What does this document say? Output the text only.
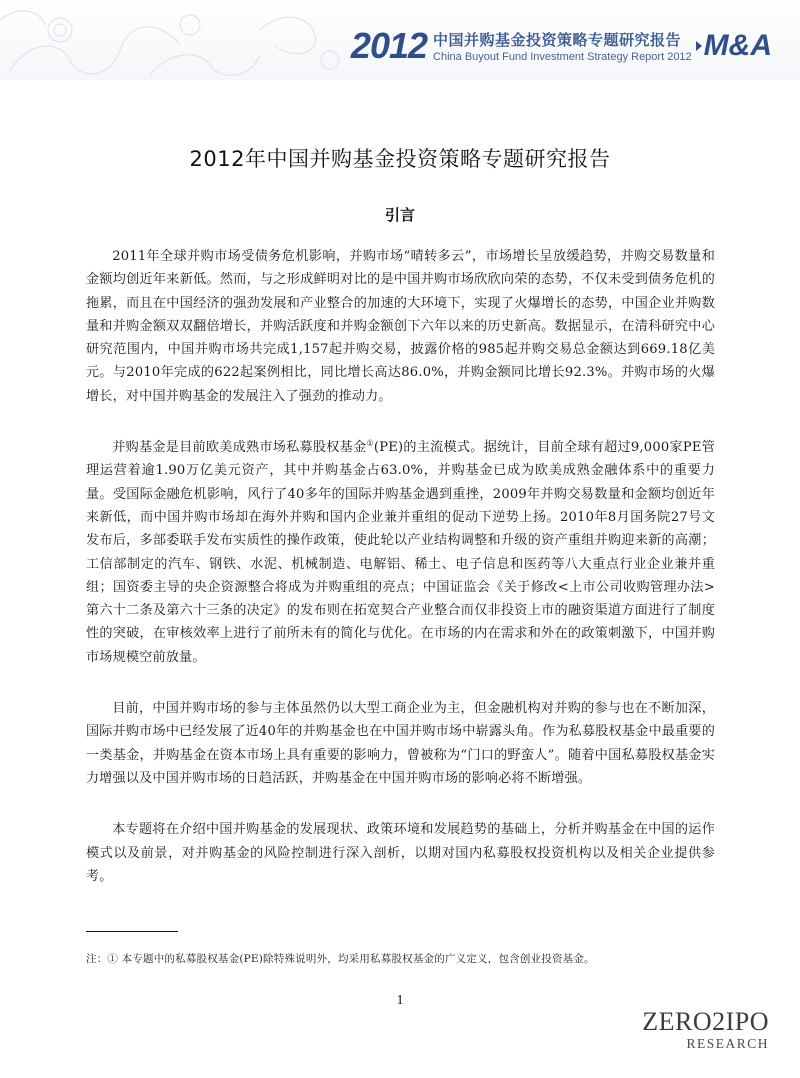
2012 中国并购基金投资策略专题研究报告
China Buyout Fund Investment Strategy Report 2012 M&A
2012年中国并购基金投资策略专题研究报告
引言

2011年全球并购市场受债务危机影响，并购市场“晴转多云”，市场增长呈放缓趋势，并购交易数量和金额均创近年来新低。然而，与之形成鲜明对比的是中国并购市场欣欣向荣的态势，不仅未受到债务危机的拖累，而且在中国经济的强劲发展和产业整合的加速的大环境下，实现了火爆增长的态势，中国企业并购数量和并购金额双双翻倍增长，并购活跃度和并购金额创下六年以来的历史新高。数据显示，在清科研究中心研究范围内，中国并购市场共完成1,157起并购交易，披露价格的985起并购交易总金额达到669.18亿美元。与2010年完成的622起案例相比，同比增长高达86.0%，并购金额同比增长92.3%。并购市场的火爆增长，对中国并购基金的发展注入了强劲的推动力。

并购基金是目前欧美成熟市场私募股权基金①(PE)的主流模式。据统计，目前全球有超过9,000家PE管理运营着逾1.90万亿美元资产，其中并购基金占63.0%，并购基金已成为欧美成熟金融体系中的重要力量。受国际金融危机影响，风行了40多年的国际并购基金遇到重挫，2009年并购交易数量和金额均创近年来新低，而中国并购市场却在海外并购和国内企业兼并重组的促动下逆势上扬。2010年8月国务院27号文发布后，多部委联手发布实质性的操作政策，使此轮以产业结构调整和升级的资产重组并购迎来新的高潮；工信部制定的汽车、钢铁、水泥、机械制造、电解铝、稀土、电子信息和医药等八大重点行业企业兼并重组；国资委主导的央企资源整合将成为并购重组的亮点；中国证监会《关于修改<上市公司收购管理办法>第六十二条及第六十三条的决定》的发布则在拓宽契合产业整合而仅非投资上市的融资渠道方面进行了制度性的突破，在审核效率上进行了前所未有的简化与优化。在市场的内在需求和外在的政策刺激下，中国并购市场规模空前放量。

目前，中国并购市场的参与主体虽然仍以大型工商企业为主，但金融机构对并购的参与也在不断加深，国际并购市场中已经发展了近40年的并购基金也在中国并购市场中崭露头角。作为私募股权基金中最重要的一类基金，并购基金在资本市场上具有重要的影响力，曾被称为“门口的野蛮人”。随着中国私募股权基金实力增强以及中国并购市场的日趋活跃，并购基金在中国并购市场的影响必将不断增强。

本专题将在介绍中国并购基金的发展现状、政策环境和发展趋势的基础上，分析并购基金在中国的运作模式以及前景，对并购基金的风险控制进行深入剖析，以期对国内私募股权投资机构以及相关企业提供参考。

注：① 本专题中的私募股权基金(PE)除特殊说明外，均采用私募股权基金的广义定义，包含创业投资基金。
1
ZERO2IPO
RESEARCH
